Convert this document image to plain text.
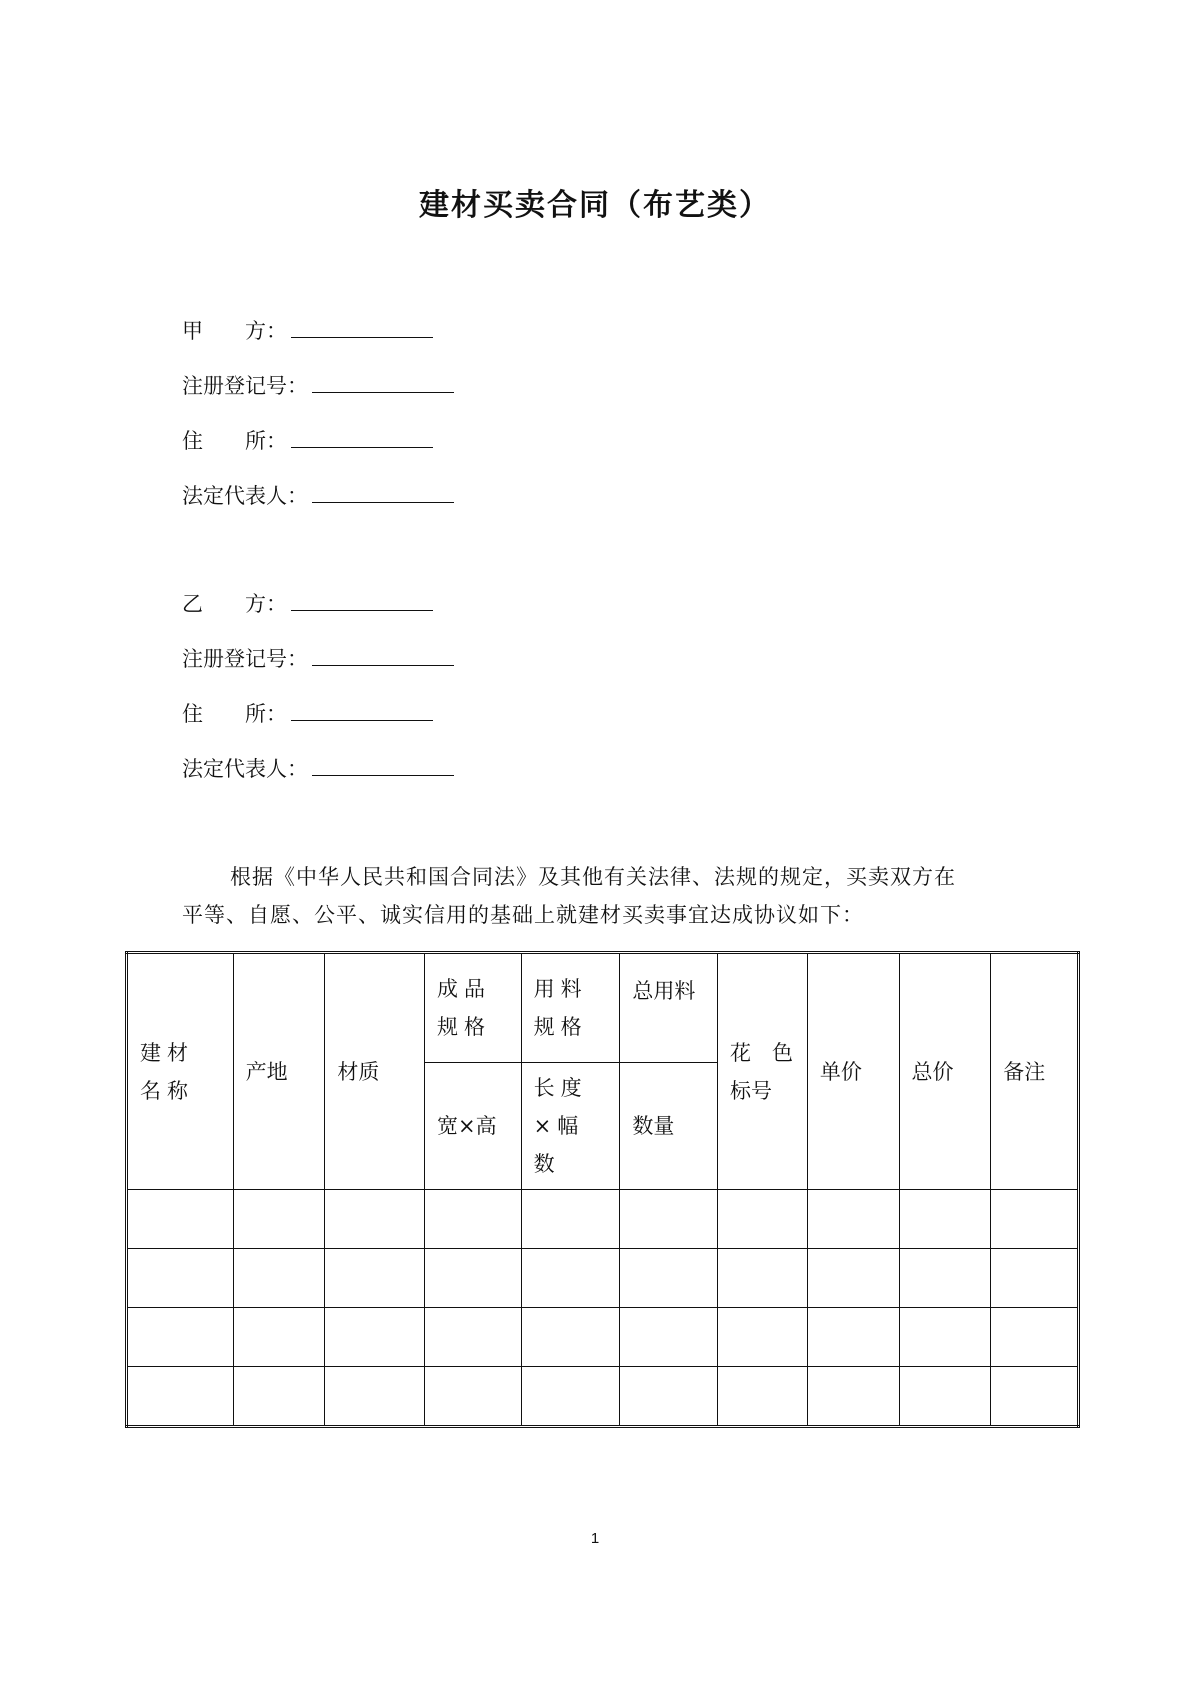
建材买卖合同（布艺类）
甲　　方：
注册登记号：
住　　所：
法定代表人：
乙　　方：
注册登记号：
住　　所：
法定代表人：

根据《中华人民共和国合同法》及其他有关法律、法规的规定，买卖双方在

平等、自愿、公平、诚实信用的基础上就建材买卖事宜达成协议如下：

建材名称	产地	材质	成品规格	用料规格	总用料	花　色标号	单价	总价	备注
			宽×高	长度×幅数	数量				

1
